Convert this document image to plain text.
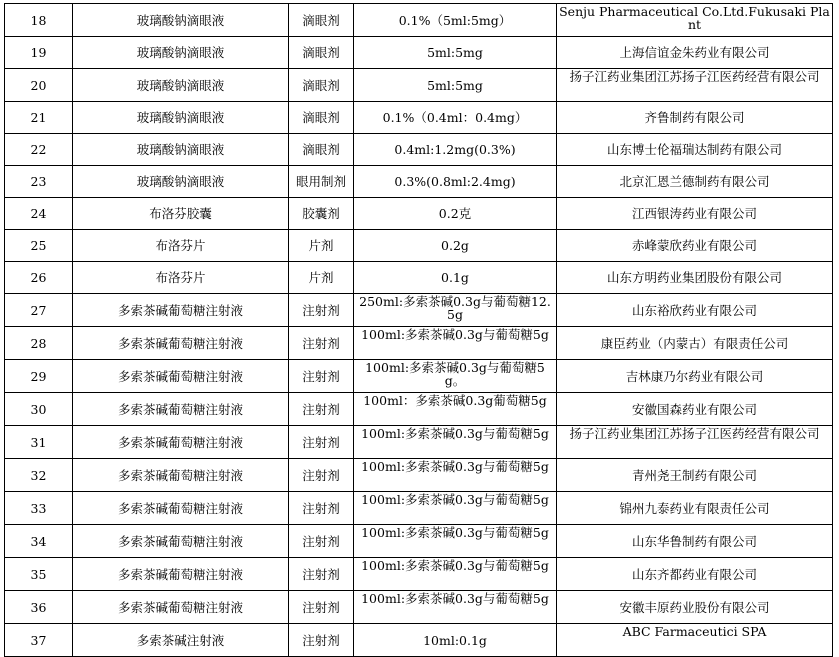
18	玻璃酸钠滴眼液	滴眼剂	0.1%（5ml:5mg）	Senju Pharmaceutical Co.Ltd.Fukusaki Plant
19	玻璃酸钠滴眼液	滴眼剂	5ml:5mg	上海信谊金朱药业有限公司
20	玻璃酸钠滴眼液	滴眼剂	5ml:5mg	扬子江药业集团江苏扬子江医药经营有限公司
21	玻璃酸钠滴眼液	滴眼剂	0.1%（0.4ml：0.4mg）	齐鲁制药有限公司
22	玻璃酸钠滴眼液	滴眼剂	0.4ml:1.2mg(0.3%)	山东博士伦福瑞达制药有限公司
23	玻璃酸钠滴眼液	眼用制剂	0.3%(0.8ml:2.4mg)	北京汇恩兰德制药有限公司
24	布洛芬胶囊	胶囊剂	0.2克	江西银涛药业有限公司
25	布洛芬片	片剂	0.2g	赤峰蒙欣药业有限公司
26	布洛芬片	片剂	0.1g	山东方明药业集团股份有限公司
27	多索茶碱葡萄糖注射液	注射剂	250ml:多索茶碱0.3g与葡萄糖12.5g	山东裕欣药业有限公司
28	多索茶碱葡萄糖注射液	注射剂	100ml:多索茶碱0.3g与葡萄糖5g	康臣药业（内蒙古）有限责任公司
29	多索茶碱葡萄糖注射液	注射剂	100ml:多索茶碱0.3g与葡萄糖5g。	吉林康乃尔药业有限公司
30	多索茶碱葡萄糖注射液	注射剂	100ml：多索茶碱0.3g葡萄糖5g	安徽国森药业有限公司
31	多索茶碱葡萄糖注射液	注射剂	100ml:多索茶碱0.3g与葡萄糖5g	扬子江药业集团江苏扬子江医药经营有限公司
32	多索茶碱葡萄糖注射液	注射剂	100ml:多索茶碱0.3g与葡萄糖5g	青州尧王制药有限公司
33	多索茶碱葡萄糖注射液	注射剂	100ml:多索茶碱0.3g与葡萄糖5g	锦州九泰药业有限责任公司
34	多索茶碱葡萄糖注射液	注射剂	100ml:多索茶碱0.3g与葡萄糖5g	山东华鲁制药有限公司
35	多索茶碱葡萄糖注射液	注射剂	100ml:多索茶碱0.3g与葡萄糖5g	山东齐都药业有限公司
36	多索茶碱葡萄糖注射液	注射剂	100ml:多索茶碱0.3g与葡萄糖5g	安徽丰原药业股份有限公司
37	多索茶碱注射液	注射剂	10ml:0.1g	ABC Farmaceutici SPA
